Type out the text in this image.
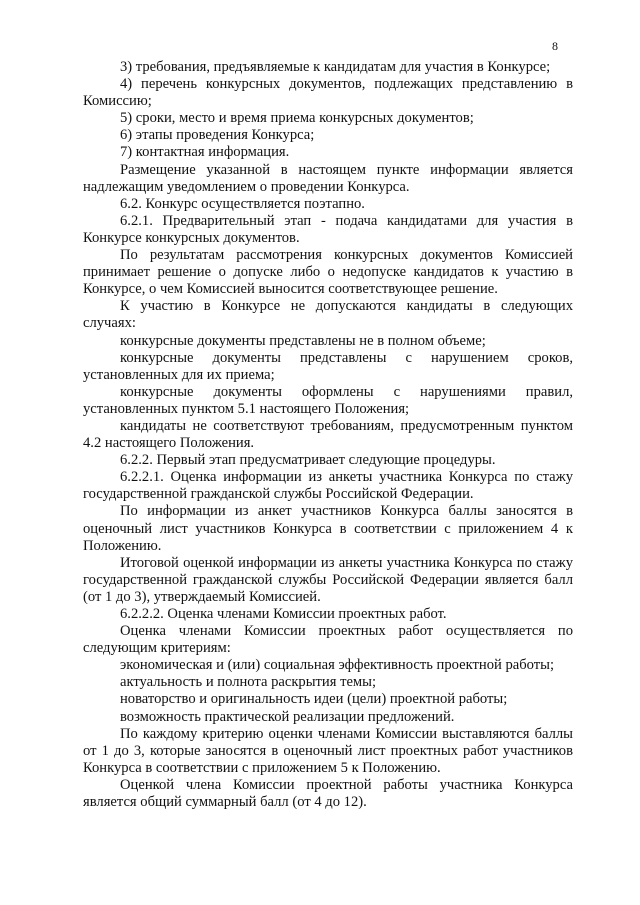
8

3) требования, предъявляемые к кандидатам для участия в Конкурсе;

4) перечень конкурсных документов, подлежащих представлению в Комиссию;

5) сроки, место и время приема конкурсных документов;

6) этапы проведения Конкурса;

7) контактная информация.

Размещение указанной в настоящем пункте информации является надлежащим уведомлением о проведении Конкурса.

6.2. Конкурс осуществляется поэтапно.

6.2.1. Предварительный этап - подача кандидатами для участия в Конкурсе конкурсных документов.

По результатам рассмотрения конкурсных документов Комиссией принимает решение о допуске либо о недопуске кандидатов к участию в Конкурсе, о чем Комиссией выносится соответствующее решение.

К участию в Конкурсе не допускаются кандидаты в следующих случаях:

конкурсные документы представлены не в полном объеме;

конкурсные документы представлены с нарушением сроков, установленных для их приема;

конкурсные документы оформлены с нарушениями правил, установленных пунктом 5.1 настоящего Положения;

кандидаты не соответствуют требованиям, предусмотренным пунктом 4.2 настоящего Положения.

6.2.2. Первый этап предусматривает следующие процедуры.

6.2.2.1. Оценка информации из анкеты участника Конкурса по стажу государственной гражданской службы Российской Федерации.

По информации из анкет участников Конкурса баллы заносятся в оценочный лист участников Конкурса в соответствии с приложением 4 к Положению.

Итоговой оценкой информации из анкеты участника Конкурса по стажу государственной гражданской службы Российской Федерации является балл (от 1 до 3), утверждаемый Комиссией.

6.2.2.2. Оценка членами Комиссии проектных работ.

Оценка членами Комиссии проектных работ осуществляется по следующим критериям:

экономическая и (или) социальная эффективность проектной работы;

актуальность и полнота раскрытия темы;

новаторство и оригинальность идеи (цели) проектной работы;

возможность практической реализации предложений.

По каждому критерию оценки членами Комиссии выставляются баллы от 1 до 3, которые заносятся в оценочный лист проектных работ участников Конкурса в соответствии с приложением 5 к Положению.

Оценкой члена Комиссии проектной работы участника Конкурса является общий суммарный балл (от 4 до 12).
